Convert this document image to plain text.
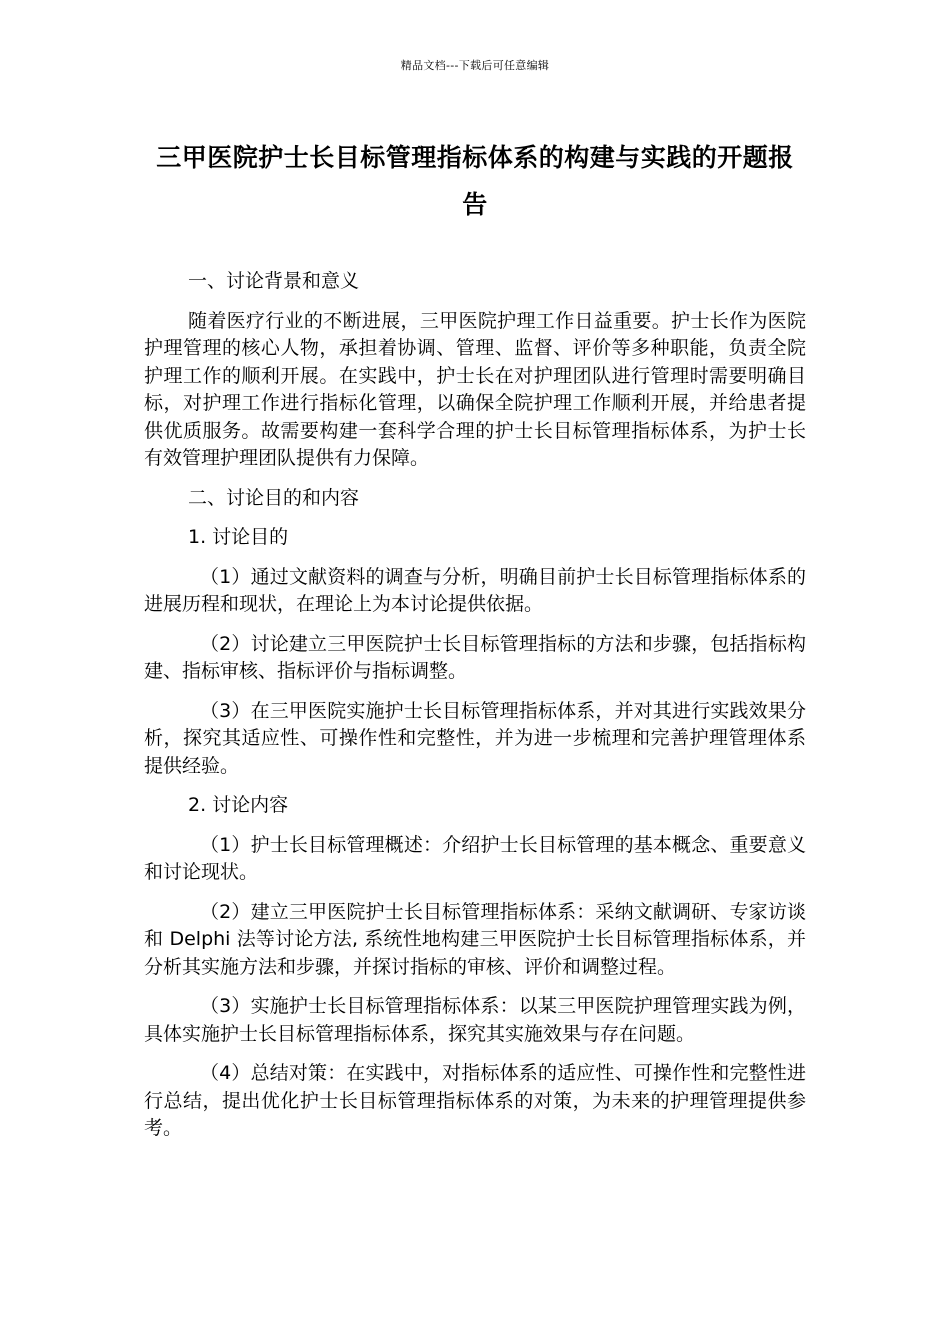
精品文档---下载后可任意编辑
三甲医院护士长目标管理指标体系的构建与实践的开题报告

一、讨论背景和意义

随着医疗行业的不断进展，三甲医院护理工作日益重要。护士长作为医院护理管理的核心人物，承担着协调、管理、监督、评价等多种职能，负责全院护理工作的顺利开展。在实践中，护士长在对护理团队进行管理时需要明确目标，对护理工作进行指标化管理，以确保全院护理工作顺利开展，并给患者提供优质服务。故需要构建一套科学合理的护士长目标管理指标体系，为护士长有效管理护理团队提供有力保障。

二、讨论目的和内容

1. 讨论目的

（1）通过文献资料的调查与分析，明确目前护士长目标管理指标体系的进展历程和现状，在理论上为本讨论提供依据。

（2）讨论建立三甲医院护士长目标管理指标的方法和步骤，包括指标构建、指标审核、指标评价与指标调整。

（3）在三甲医院实施护士长目标管理指标体系，并对其进行实践效果分析，探究其适应性、可操作性和完整性，并为进一步梳理和完善护理管理体系提供经验。

2. 讨论内容

（1）护士长目标管理概述：介绍护士长目标管理的基本概念、重要意义和讨论现状。

（2）建立三甲医院护士长目标管理指标体系：采纳文献调研、专家访谈和 Delphi 法等讨论方法, 系统性地构建三甲医院护士长目标管理指标体系，并分析其实施方法和步骤，并探讨指标的审核、评价和调整过程。

（3）实施护士长目标管理指标体系：以某三甲医院护理管理实践为例，具体实施护士长目标管理指标体系，探究其实施效果与存在问题。

（4）总结对策：在实践中，对指标体系的适应性、可操作性和完整性进行总结，提出优化护士长目标管理指标体系的对策，为未来的护理管理提供参考。
